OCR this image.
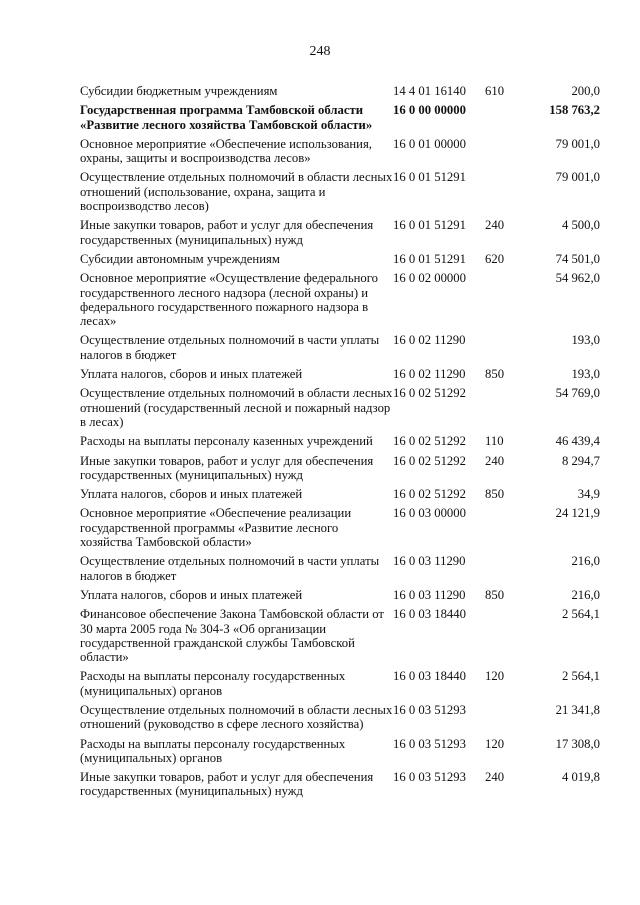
248
Субсидии бюджетным учреждениям	14 4 01 16140	610	200,0
Государственная программа Тамбовской области «Развитие лесного хозяйства Тамбовской области»	16 0 00 00000		158 763,2
Основное мероприятие «Обеспечение использования, охраны, защиты и воспроизводства лесов»	16 0 01 00000		79 001,0
Осуществление отдельных полномочий в области лесных отношений (использование, охрана, защита и воспроизводство лесов)	16 0 01 51291		79 001,0
Иные закупки товаров, работ и услуг для обеспечения государственных (муниципальных) нужд	16 0 01 51291	240	4 500,0
Субсидии автономным учреждениям	16 0 01 51291	620	74 501,0
Основное мероприятие «Осуществление федерального государственного лесного надзора (лесной охраны) и федерального государственного пожарного надзора в лесах»	16 0 02 00000		54 962,0
Осуществление отдельных полномочий в части уплаты налогов в бюджет	16 0 02 11290		193,0
Уплата налогов, сборов и иных платежей	16 0 02 11290	850	193,0
Осуществление отдельных полномочий в области лесных отношений (государственный лесной и пожарный надзор в лесах)	16 0 02 51292		54 769,0
Расходы на выплаты персоналу казенных учреждений	16 0 02 51292	110	46 439,4
Иные закупки товаров, работ и услуг для обеспечения государственных (муниципальных) нужд	16 0 02 51292	240	8 294,7
Уплата налогов, сборов и иных платежей	16 0 02 51292	850	34,9
Основное мероприятие «Обеспечение реализации государственной программы «Развитие лесного хозяйства Тамбовской области»	16 0 03 00000		24 121,9
Осуществление отдельных полномочий в части уплаты налогов в бюджет	16 0 03 11290		216,0
Уплата налогов, сборов и иных платежей	16 0 03 11290	850	216,0
Финансовое обеспечение Закона Тамбовской области от 30 марта 2005 года № 304-З «Об организации государственной гражданской службы Тамбовской области»	16 0 03 18440		2 564,1
Расходы на выплаты персоналу государственных (муниципальных) органов	16 0 03 18440	120	2 564,1
Осуществление отдельных полномочий в области лесных отношений (руководство в сфере лесного хозяйства)	16 0 03 51293		21 341,8
Расходы на выплаты персоналу государственных (муниципальных) органов	16 0 03 51293	120	17 308,0
Иные закупки товаров, работ и услуг для обеспечения государственных (муниципальных) нужд	16 0 03 51293	240	4 019,8
